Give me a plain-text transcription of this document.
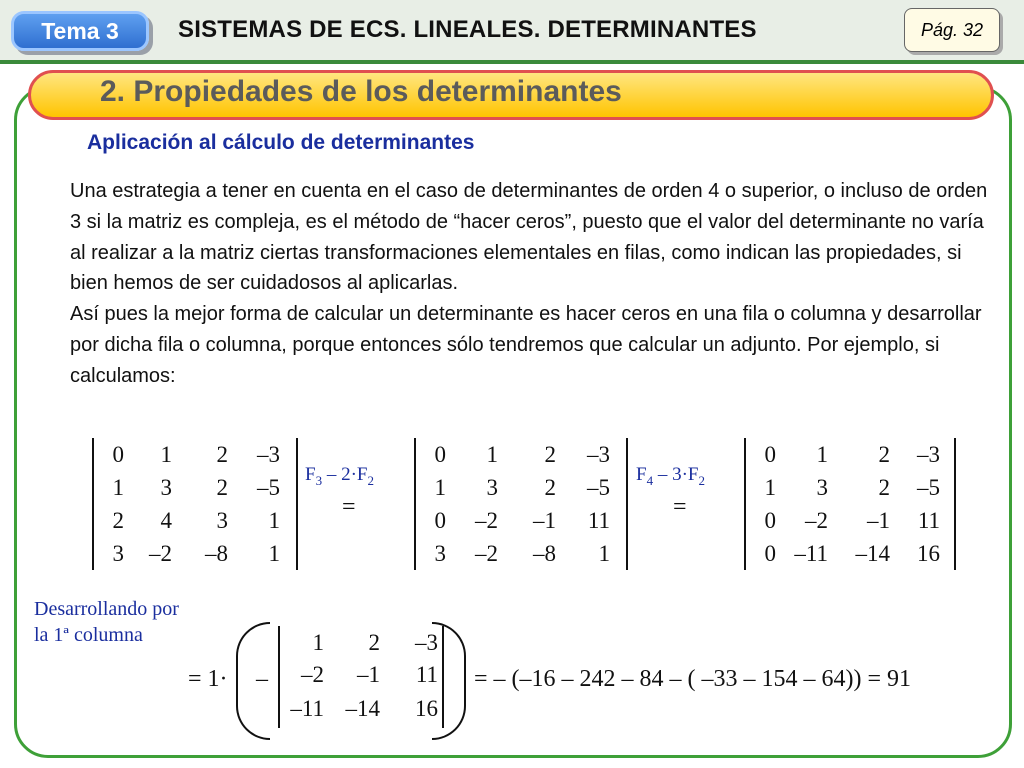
Tema 3	SISTEMAS DE ECS. LINEALES. DETERMINANTES	Pág. 32
2. Propiedades de los determinantes
Aplicación al cálculo de determinantes

Una estrategia a tener en cuenta en el caso de determinantes de orden 4 o superior, o incluso de orden 3 si la matriz es compleja, es el método de “hacer ceros”, puesto que el valor del determinante no varía al realizar a la matriz ciertas transformaciones elementales en filas, como indican las propiedades, si bien hemos de ser cuidadosos al aplicarlas.

Así pues la mejor forma de calcular un determinante es hacer ceros en una fila o columna y desarrollar por dicha fila o columna, porque entonces sólo tendremos que calcular un adjunto. Por ejemplo, si calculamos:

0	1	2	–3
1	3	2	–5
2	4	3	1
3	–2	–8	1
$F_3 - 2\cdot F_2$
=
0	1	2	–3
1	3	2	–5
0	–2	–1	11
3	–2	–8	1
$F_4 - 3\cdot F_2$
=
0	1	2	–3
1	3	2	–5
0	–2	–1	11
0 –11	–14	16
Desarrollando por
la 1ª columna
= 1· –
1	2	–3
–2	–1	11
–11 –14	16
= – (–16 – 242 – 84 – ( –33 – 154 – 64)) = 91
